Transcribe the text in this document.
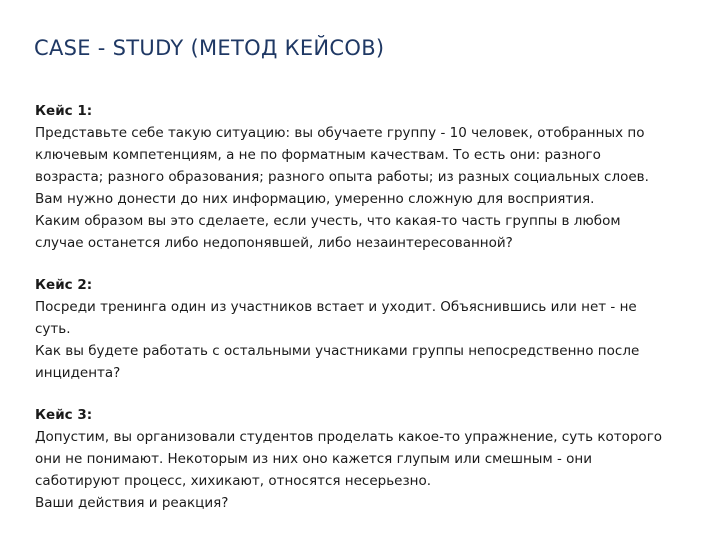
CASE - STUDY (МЕТОД КЕЙСОВ)

Кейс 1:

Представьте себе такую ситуацию: вы обучаете группу - 10 человек, отобранных по

ключевым компетенциям, а не по форматным качествам. То есть они: разного

возраста; разного образования; разного опыта работы; из разных социальных слоев.

Вам нужно донести до них информацию, умеренно сложную для восприятия.

Каким образом вы это сделаете, если учесть, что какая-то часть группы в любом

случае останется либо недопонявшей, либо незаинтересованной?

Кейс 2:

Посреди тренинга один из участников встает и уходит. Объяснившись или нет - не

суть.

Как вы будете работать с остальными участниками группы непосредственно после

инцидента?

Кейс 3:

Допустим, вы организовали студентов проделать какое-то упражнение, суть которого

они не понимают. Некоторым из них оно кажется глупым или смешным - они

саботируют процесс, хихикают, относятся несерьезно.

Ваши действия и реакция?
